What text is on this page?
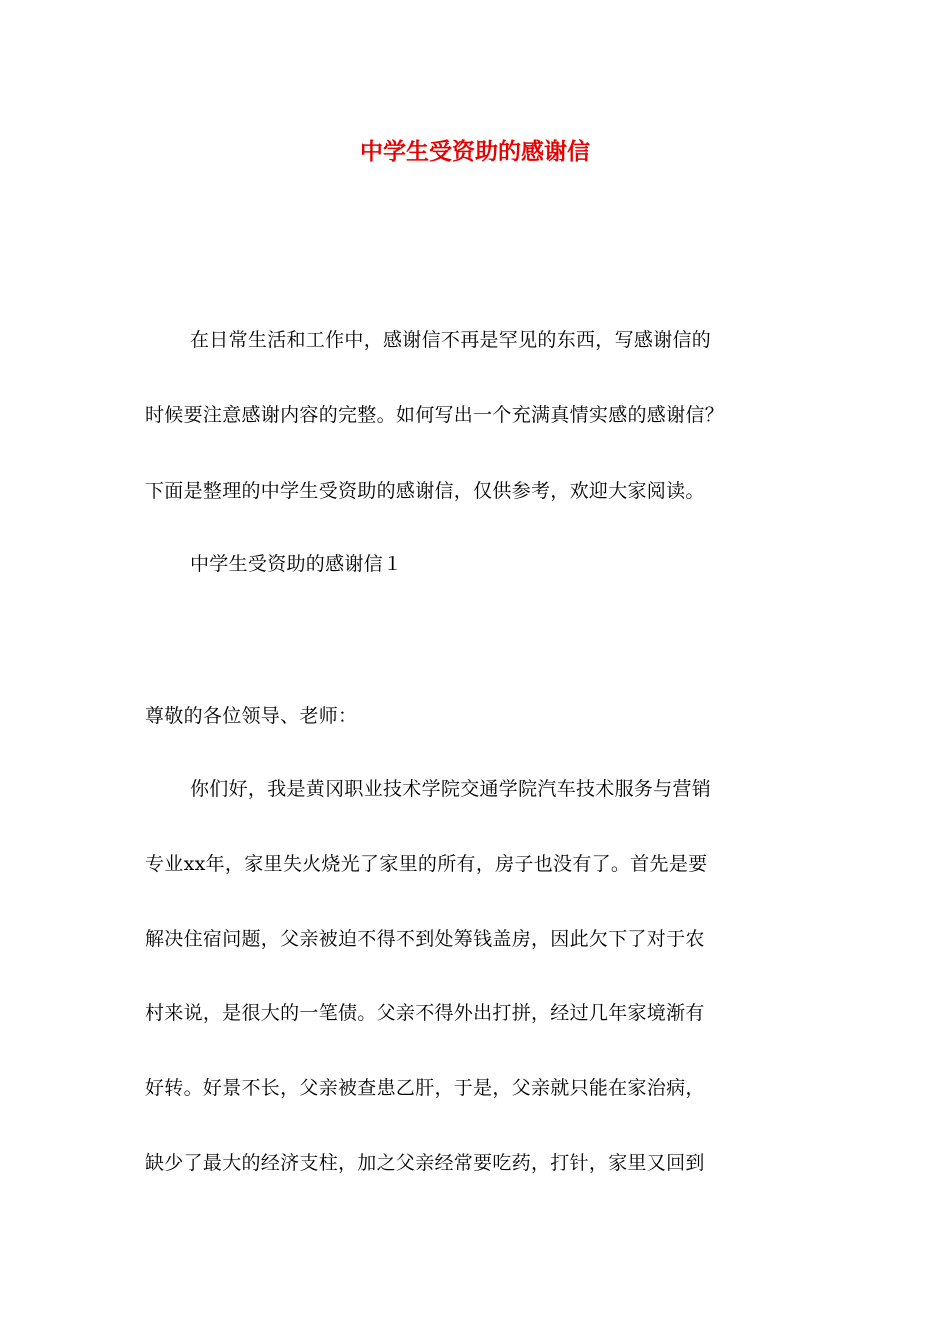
中学生受资助的感谢信
在日常生活和工作中，感谢信不再是罕见的东西，写感谢信的
时候要注意感谢内容的完整。如何写出一个充满真情实感的感谢信？
下面是整理的中学生受资助的感谢信，仅供参考，欢迎大家阅读。
中学生受资助的感谢信１
尊敬的各位领导、老师：
你们好，我是黄冈职业技术学院交通学院汽车技术服务与营销
专业xx年，家里失火烧光了家里的所有，房子也没有了。首先是要
解决住宿问题，父亲被迫不得不到处筹钱盖房，因此欠下了对于农
村来说，是很大的一笔债。父亲不得外出打拼，经过几年家境渐有
好转。好景不长，父亲被查患乙肝，于是，父亲就只能在家治病，
缺少了最大的经济支柱，加之父亲经常要吃药，打针，家里又回到
